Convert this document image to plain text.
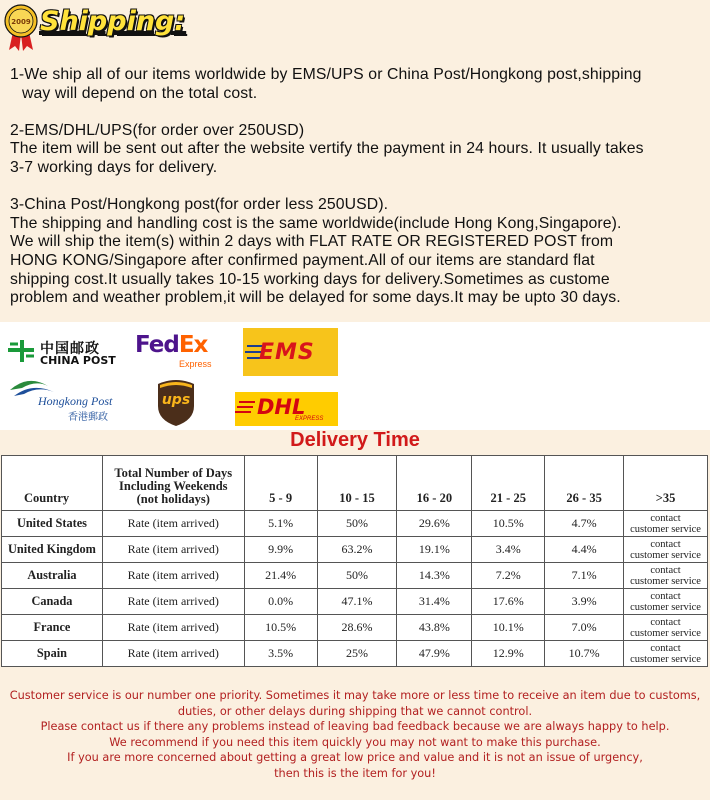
2009 Shipping:
1-We ship all of our items worldwide by EMS/UPS or China Post/Hongkong post,shipping
way will depend on the total cost.
2-EMS/DHL/UPS(for order over 250USD)
The item will be sent out after the website vertify the payment in 24 hours. It usually takes
3-7 working days for delivery.
3-China Post/Hongkong post(for order less 250USD).
The shipping and handling cost is the same worldwide(include Hong Kong,Singapore).
We will ship the item(s) within 2 days with FLAT RATE OR REGISTERED POST from
HONG KONG/Singapore after confirmed payment.All of our items are standard flat
shipping cost.It usually takes 10-15 working days for delivery.Sometimes as custome
problem and weather problem,it will be delayed for some days.It may be upto 30 days.
中国邮政
CHINA POST
FedEx
Express EMS
Hongkong Post
香港郵政
ups	DHL
EXPRESS
Delivery Time
Country	Total Number of Days
Including Weekends
(not holidays)	5 - 9	10 - 15	16 - 20	21 - 25	26 - 35	>35
United States	Rate (item arrived)	5.1%	50%	29.6%	10.5%	4.7%	contact
customer service
United Kingdom	Rate (item arrived)	9.9%	63.2%	19.1%	3.4%	4.4%	contact
customer service
Australia	Rate (item arrived)	21.4%	50%	14.3%	7.2%	7.1%	contact
customer service
Canada	Rate (item arrived)	0.0%	47.1%	31.4%	17.6%	3.9%	contact
customer service
France	Rate (item arrived)	10.5%	28.6%	43.8%	10.1%	7.0%	contact
customer service
Spain	Rate (item arrived)	3.5%	25%	47.9%	12.9%	10.7%	contact
customer service
Customer service is our number one priority. Sometimes it may take more or less time to receive an item due to customs,
duties, or other delays during shipping that we cannot control.
Please contact us if there any problems instead of leaving bad feedback because we are always happy to help.
We recommend if you need this item quickly you may not want to make this purchase.
If you are more concerned about getting a great low price and value and it is not an issue of urgency,
then this is the item for you!
